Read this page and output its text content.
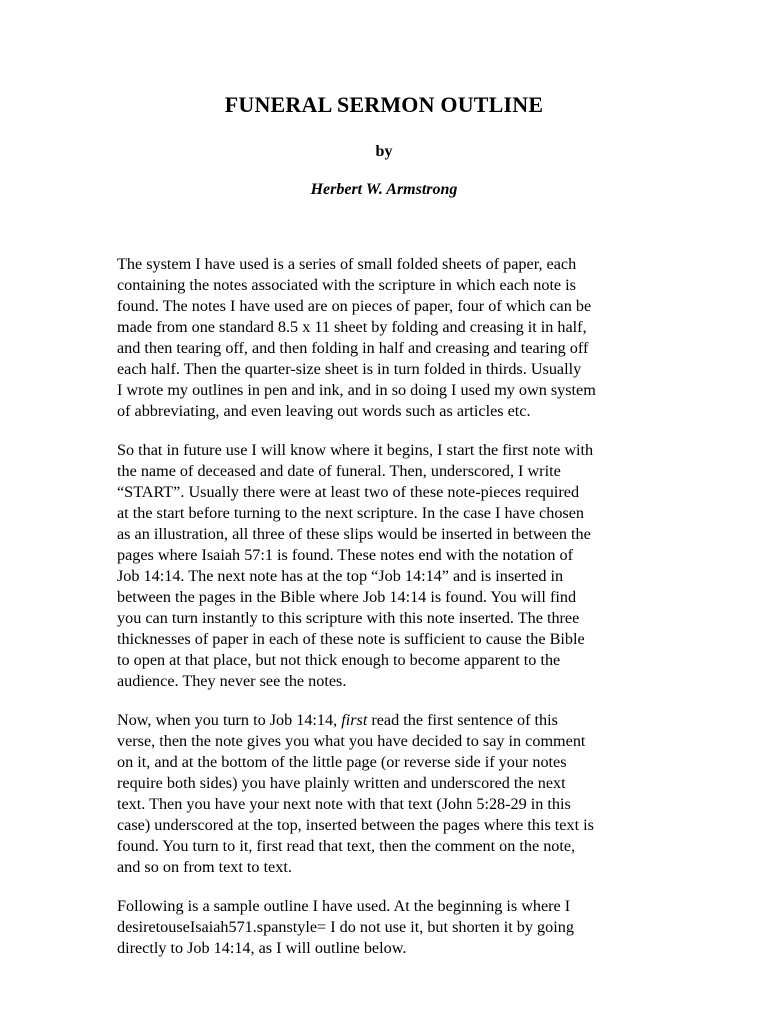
FUNERAL SERMON OUTLINE
by
Herbert W. Armstrong

The system I have used is a series of small folded sheets of paper, each
containing the notes associated with the scripture in which each note is
found. The notes I have used are on pieces of paper, four of which can be
made from one standard 8.5 x 11 sheet by folding and creasing it in half,
and then tearing off, and then folding in half and creasing and tearing off
each half. Then the quarter-size sheet is in turn folded in thirds. Usually
I wrote my outlines in pen and ink, and in so doing I used my own system
of abbreviating, and even leaving out words such as articles etc.

So that in future use I will know where it begins, I start the first note with
the name of deceased and date of funeral. Then, underscored, I write
“START”. Usually there were at least two of these note-pieces required
at the start before turning to the next scripture. In the case I have chosen
as an illustration, all three of these slips would be inserted in between the
pages where Isaiah 57:1 is found. These notes end with the notation of
Job 14:14. The next note has at the top “Job 14:14” and is inserted in
between the pages in the Bible where Job 14:14 is found. You will find
you can turn instantly to this scripture with this note inserted. The three
thicknesses of paper in each of these note is sufficient to cause the Bible
to open at that place, but not thick enough to become apparent to the
audience. They never see the notes.

Now, when you turn to Job 14:14, first read the first sentence of this
verse, then the note gives you what you have decided to say in comment
on it, and at the bottom of the little page (or reverse side if your notes
require both sides) you have plainly written and underscored the next
text. Then you have your next note with that text (John 5:28-29 in this
case) underscored at the top, inserted between the pages where this text is
found. You turn to it, first read that text, then the comment on the note,
and so on from text to text.

Following is a sample outline I have used. At the beginning is where I
desiretouseIsaiah571.spanstyle= I do not use it, but shorten it by going
directly to Job 14:14, as I will outline below.
